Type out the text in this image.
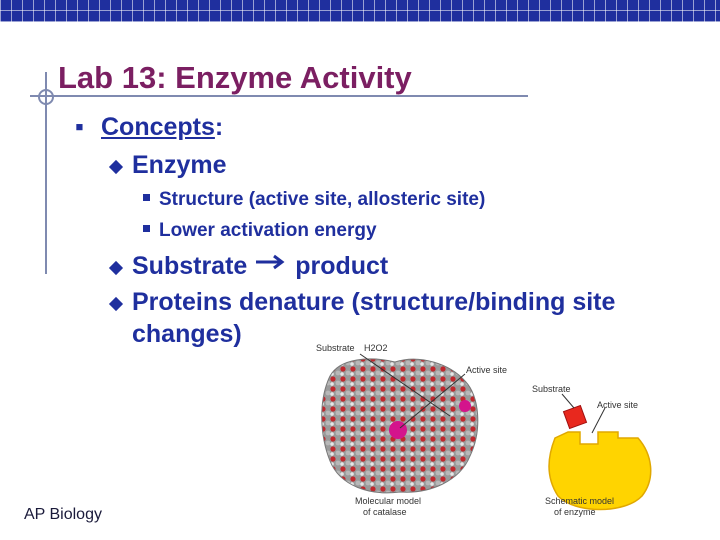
Lab 13: Enzyme Activity
▪ Concepts:
Enzyme
Structure (active site, allosteric site)
Lower activation energy
Substrate product
Proteins denature (structure/binding site
changes)
AP Biology
Substrate H2O2
Active site
Molecular model
of catalase
Substrate
Active site
Schematic model
of enzyme
